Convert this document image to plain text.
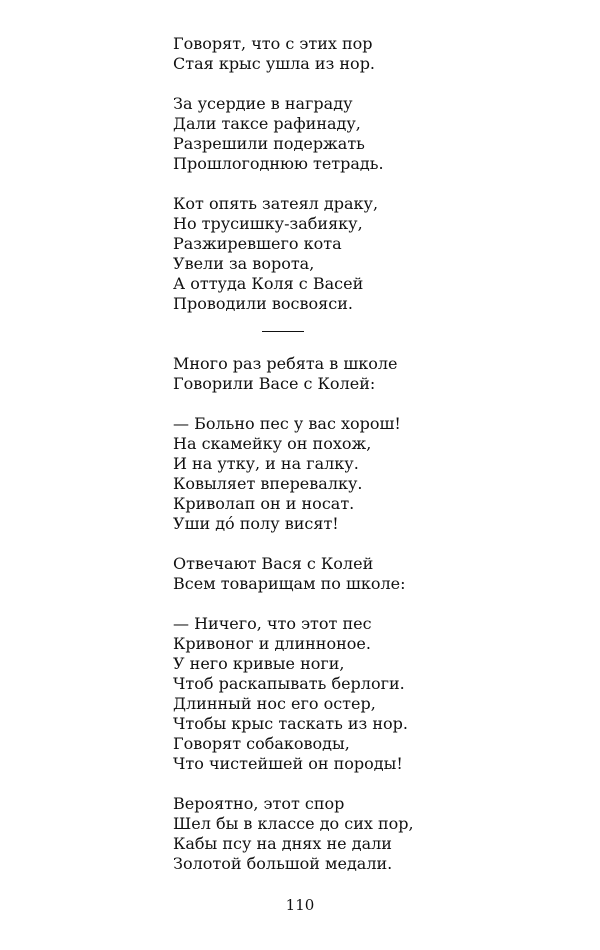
Говорят, что с этих пор
Стая крыс ушла из нор.
За усердие в награду
Дали таксе рафинаду,
Разрешили подержать
Прошлогоднюю тетрадь.
Кот опять затеял драку,
Но трусишку-забияку,
Разжиревшего кота
Увели за ворота,
А оттуда Коля с Васей
Проводили восвояси.
Много раз ребята в школе
Говорили Васе с Колей:
— Больно пес у вас хорош!
На скамейку он похож,
И на утку, и на галку.
Ковыляет вперевалку.
Криволап он и носат.
Уши дó полу висят!
Отвечают Вася с Колей
Всем товарищам по школе:
— Ничего, что этот пес
Кривоног и длинноное.
У него кривые ноги,
Чтоб раскапывать берлоги.
Длинный нос его остер,
Чтобы крыс таскать из нор.
Говорят собаководы,
Что чистейшей он породы!
Вероятно, этот спор
Шел бы в классе до сих пор,
Кабы псу на днях не дали
Золотой большой медали.
110
